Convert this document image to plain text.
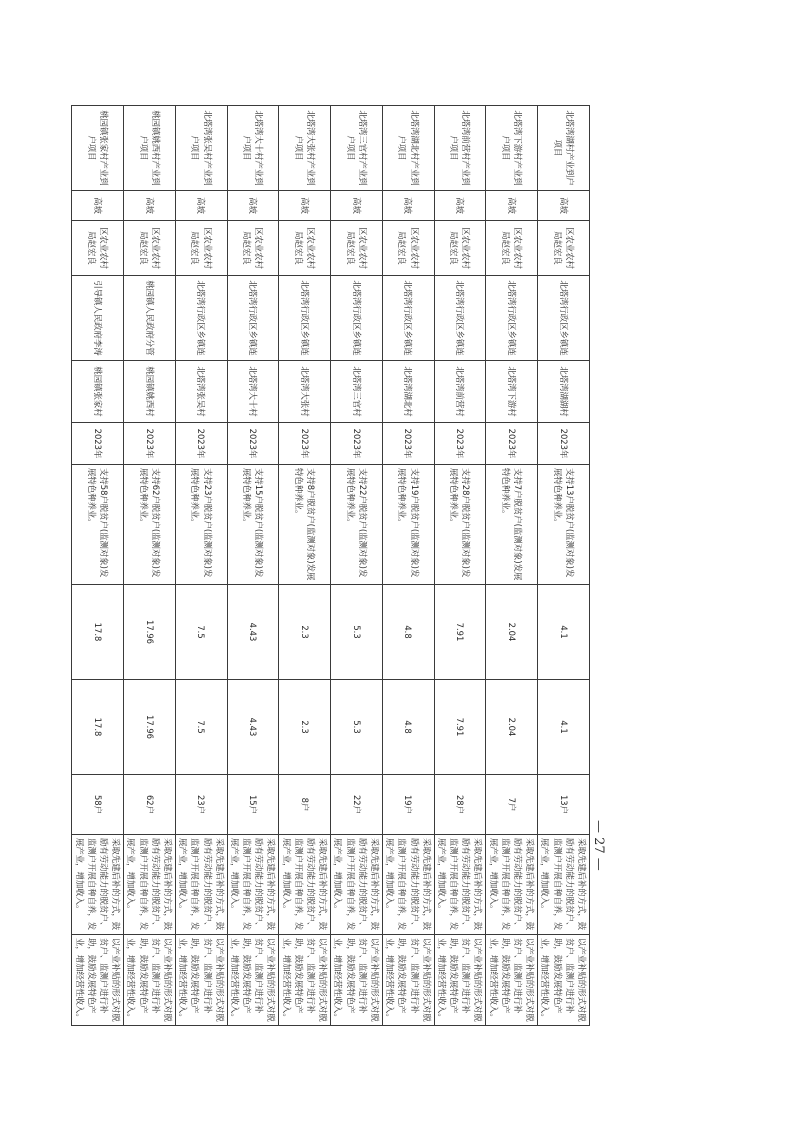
北塔湾湖村产业到户项目	高坡	区农业农村局赵宏良	北塔湾行政区乡镇连	北塔湾湖湖村	2023年	支持13户脱贫户(监测对象)发展特色种养业。	4.1	4.1	13户	采取先建后补的方式，鼓励有劳动能力的脱贫户、监测户开展自种自养，发展产业，增加收入。	以产业补贴的形式对脱贫户、监测户进行补助，鼓励发展特色产业，增加经营性收入。
北塔湾下游村产业到户项目	高坡	区农业农村局赵宏良	北塔湾行政区乡镇连	北塔湾下游村	2023年	支持7户脱贫户(监测对象)发展特色种养业。	2.04	2.04	7户	采取先建后补的方式，鼓励有劳动能力的脱贫户、监测户开展自种自养，发展产业，增加收入。	以产业补贴的形式对脱贫户、监测户进行补助，鼓励发展特色产业，增加经营性收入。
北塔湾前营村产业到户项目	高坡	区农业农村局赵宏良	北塔湾行政区乡镇连	北塔湾前营村	2023年	支持28户脱贫户(监测对象)发展特色种养业。	7.91	7.91	28户	采取先建后补的方式，鼓励有劳动能力的脱贫户、监测户开展自种自养，发展产业，增加收入。	以产业补贴的形式对脱贫户、监测户进行补助，鼓励发展特色产业，增加经营性收入。
北塔湾湖北村产业到户项目	高坡	区农业农村局赵宏良	北塔湾行政区乡镇连	北塔湾湖北村	2023年	支持19户脱贫户(监测对象)发展特色种养业。	4.8	4.8	19户	采取先建后补的方式，鼓励有劳动能力的脱贫户、监测户开展自种自养，发展产业，增加收入。	以产业补贴的形式对脱贫户、监测户进行补助，鼓励发展特色产业，增加经营性收入。
北塔湾三官村产业到户项目	高坡	区农业农村局赵宏良	北塔湾行政区乡镇连	北塔湾三官村	2023年	支持22户脱贫户(监测对象)发展特色种养业。	5.3	5.3	22户	采取先建后补的方式，鼓励有劳动能力的脱贫户、监测户开展自种自养，发展产业，增加收入。	以产业补贴的形式对脱贫户、监测户进行补助，鼓励发展特色产业，增加经营性收入。
北塔湾大张村产业到户项目	高坡	区农业农村局赵宏良	北塔湾行政区乡镇连	北塔湾大张村	2023年	支持8户脱贫户(监测对象)发展特色种养业。	2.3	2.3	8户	采取先建后补的方式，鼓励有劳动能力的脱贫户、监测户开展自种自养，发展产业，增加收入。	以产业补贴的形式对脱贫户、监测户进行补助，鼓励发展特色产业，增加经营性收入。
北塔湾大十村产业到户项目	高坡	区农业农村局赵宏良	北塔湾行政区乡镇连	北塔湾大十村	2023年	支持15户脱贫户(监测对象)发展特色种养业。	4.43	4.43	15户	采取先建后补的方式，鼓励有劳动能力的脱贫户、监测户开展自种自养，发展产业，增加收入。	以产业补贴的形式对脱贫户、监测户进行补助，鼓励发展特色产业，增加经营性收入。
北塔湾张吴村产业到户项目	高坡	区农业农村局赵宏良	北塔湾行政区乡镇连	北塔湾张吴村	2023年	支持23户脱贫户(监测对象)发展特色种养业。	7.5	7.5	23户	采取先建后补的方式，鼓励有劳动能力的脱贫户、监测户开展自种自养，发展产业，增加收入。	以产业补贴的形式对脱贫户、监测户进行补助，鼓励发展特色产业，增加经营性收入。
桃园镇姚西村产业到户项目	高坡	区农业农村局赵宏良	桃园镇人民政府分管	桃园镇姚西村	2023年	支持62户脱贫户(监测对象)发展特色种养业。	17.96	17.96	62户	采取先建后补的方式，鼓励有劳动能力的脱贫户、监测户开展自种自养，发展产业，增加收入。	以产业补贴的形式对脱贫户、监测户进行补助，鼓励发展特色产业，增加经营性收入。
桃园镇张家村产业到户项目	高坡	区农业农村局赵宏良	引导镇人民政府李涛	桃园镇张家村	2023年	支持58户脱贫户(监测对象)发展特色种养业。	17.8	17.8	58户	采取先建后补的方式，鼓励有劳动能力的脱贫户、监测户开展自种自养，发展产业，增加收入。	以产业补贴的形式对脱贫户、监测户进行补助，鼓励发展特色产业，增加经营性收入。
— 27 —
